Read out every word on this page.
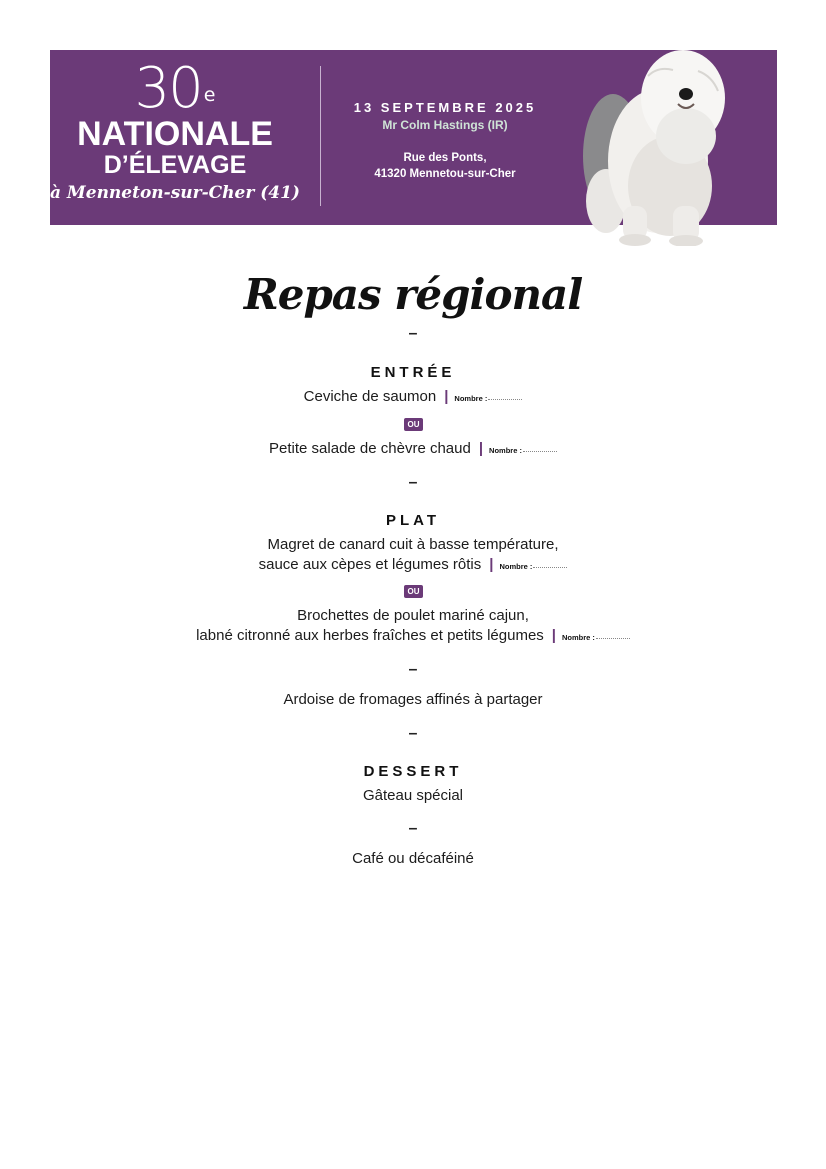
30 $^e$
NATIONALE
D’ÉLEVAGE
à Menneton-sur-Cher (41)
13 SEPTEMBRE 2025
Mr Colm Hastings (IR)
Rue des Ponts,
41320 Mennetou-sur-Cher
Repas régional
–
ENTRÉE
Ceviche de saumon | Nombre :
OU
Petite salade de chèvre chaud | Nombre :
–
PLAT
Magret de canard cuit à basse température,
sauce aux cèpes et légumes rôtis | Nombre :
OU
Brochettes de poulet mariné cajun,
labné citronné aux herbes fraîches et petits légumes | Nombre :
–
Ardoise de fromages affinés à partager
–
DESSERT
Gâteau spécial
–
Café ou décaféiné
